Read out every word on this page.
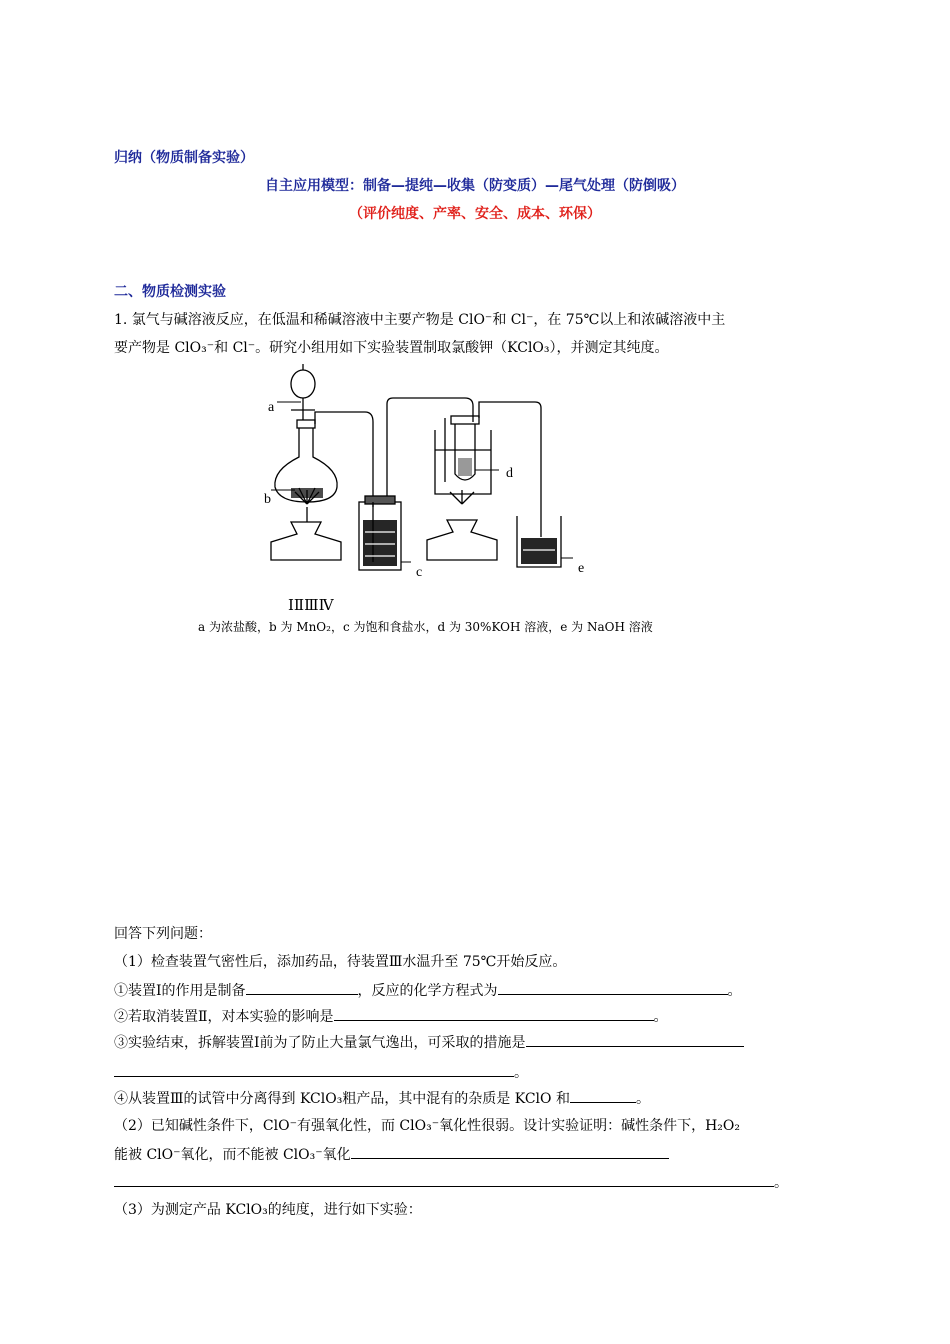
归纳（物质制备实验）
自主应用模型：制备—提纯—收集（防变质）—尾气处理（防倒吸）
（评价纯度、产率、安全、成本、环保）
二、物质检测实验
1. 氯气与碱溶液反应，在低温和稀碱溶液中主要产物是 ClO⁻和 Cl⁻，在 75℃以上和浓碱溶液中主
要产物是 ClO₃⁻和 Cl⁻。研究小组用如下实验装置制取氯酸钾（KClO₃），并测定其纯度。
a
b
c
d
e
ⅠⅡⅢⅣ
a 为浓盐酸，b 为 MnO₂，c 为饱和食盐水，d 为 30%KOH 溶液，e 为 NaOH 溶液
回答下列问题：
（1）检查装置气密性后，添加药品，待装置Ⅲ水温升至 75℃开始反应。
①装置Ⅰ的作用是制备	，反应的化学方程式为	。
②若取消装置Ⅱ，对本实验的影响是	。
③实验结束，拆解装置Ⅰ前为了防止大量氯气逸出，可采取的措施是
。
④从装置Ⅲ的试管中分离得到 KClO₃粗产品，其中混有的杂质是 KClO 和	。
（2）已知碱性条件下，ClO⁻有强氧化性，而 ClO₃⁻氧化性很弱。设计实验证明：碱性条件下，H₂O₂
能被 ClO⁻氧化，而不能被 ClO₃⁻氧化
。
（3）为测定产品 KClO₃的纯度，进行如下实验：
